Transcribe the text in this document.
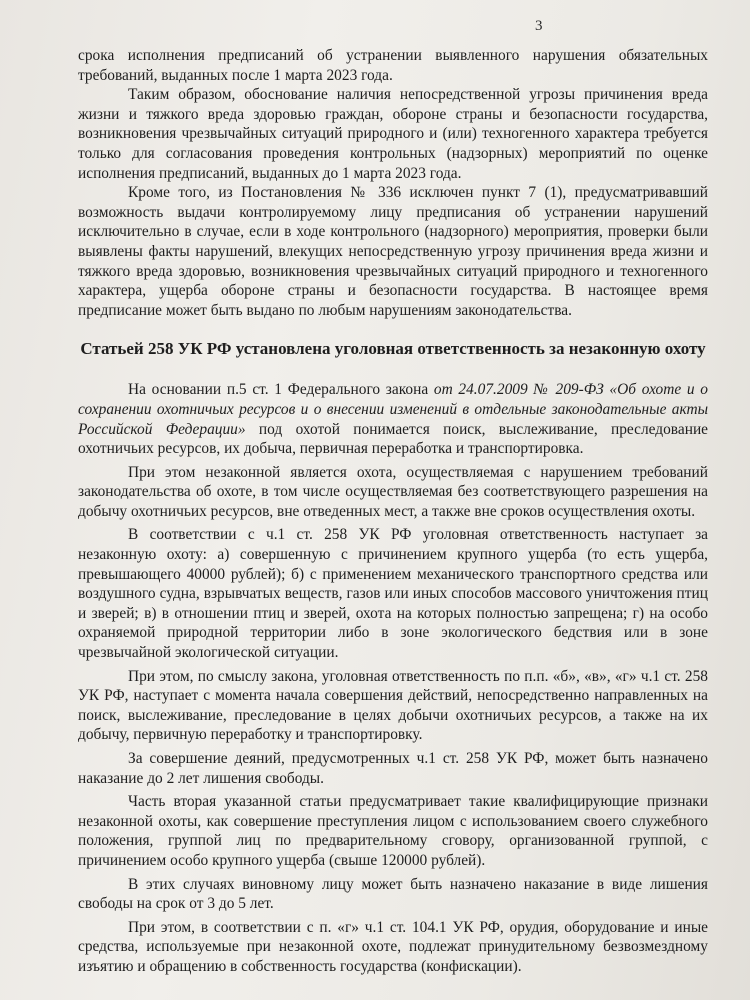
3

срока исполнения предписаний об устранении выявленного нарушения обязательных требований, выданных после 1 марта 2023 года.

Таким образом, обоснование наличия непосредственной угрозы причинения вреда жизни и тяжкого вреда здоровью граждан, обороне страны и безопасности государства, возникновения чрезвычайных ситуаций природного и (или) техногенного характера требуется только для согласования проведения контрольных (надзорных) мероприятий по оценке исполнения предписаний, выданных до 1 марта 2023 года.

Кроме того, из Постановления № 336 исключен пункт 7 (1), предусматривавший возможность выдачи контролируемому лицу предписания об устранении нарушений исключительно в случае, если в ходе контрольного (надзорного) мероприятия, проверки были выявлены факты нарушений, влекущих непосредственную угрозу причинения вреда жизни и тяжкого вреда здоровью, возникновения чрезвычайных ситуаций природного и техногенного характера, ущерба обороне страны и безопасности государства. В настоящее время предписание может быть выдано по любым нарушениям законодательства.

Статьей 258 УК РФ установлена уголовная ответственность за незаконную охоту

На основании п.5 ст. 1 Федерального закона от 24.07.2009 № 209-ФЗ «Об охоте и о сохранении охотничьих ресурсов и о внесении изменений в отдельные законодательные акты Российской Федерации» под охотой понимается поиск, выслеживание, преследование охотничьих ресурсов, их добыча, первичная переработка и транспортировка.

При этом незаконной является охота, осуществляемая с нарушением требований законодательства об охоте, в том числе осуществляемая без соответствующего разрешения на добычу охотничьих ресурсов, вне отведенных мест, а также вне сроков осуществления охоты.

В соответствии с ч.1 ст. 258 УК РФ уголовная ответственность наступает за незаконную охоту: а) совершенную с причинением крупного ущерба (то есть ущерба, превышающего 40000 рублей); б) с применением механического транспортного средства или воздушного судна, взрывчатых веществ, газов или иных способов массового уничтожения птиц и зверей; в) в отношении птиц и зверей, охота на которых полностью запрещена; г) на особо охраняемой природной территории либо в зоне экологического бедствия или в зоне чрезвычайной экологической ситуации.

При этом, по смыслу закона, уголовная ответственность по п.п. «б», «в», «г» ч.1 ст. 258 УК РФ, наступает с момента начала совершения действий, непосредственно направленных на поиск, выслеживание, преследование в целях добычи охотничьих ресурсов, а также на их добычу, первичную переработку и транспортировку.

За совершение деяний, предусмотренных ч.1 ст. 258 УК РФ, может быть назначено наказание до 2 лет лишения свободы.

Часть вторая указанной статьи предусматривает такие квалифицирующие признаки незаконной охоты, как совершение преступления лицом с использованием своего служебного положения, группой лиц по предварительному сговору, организованной группой, с причинением особо крупного ущерба (свыше 120000 рублей).

В этих случаях виновному лицу может быть назначено наказание в виде лишения свободы на срок от 3 до 5 лет.

При этом, в соответствии с п. «г» ч.1 ст. 104.1 УК РФ, орудия, оборудование и иные средства, используемые при незаконной охоте, подлежат принудительному безвозмездному изъятию и обращению в собственность государства (конфискации).
